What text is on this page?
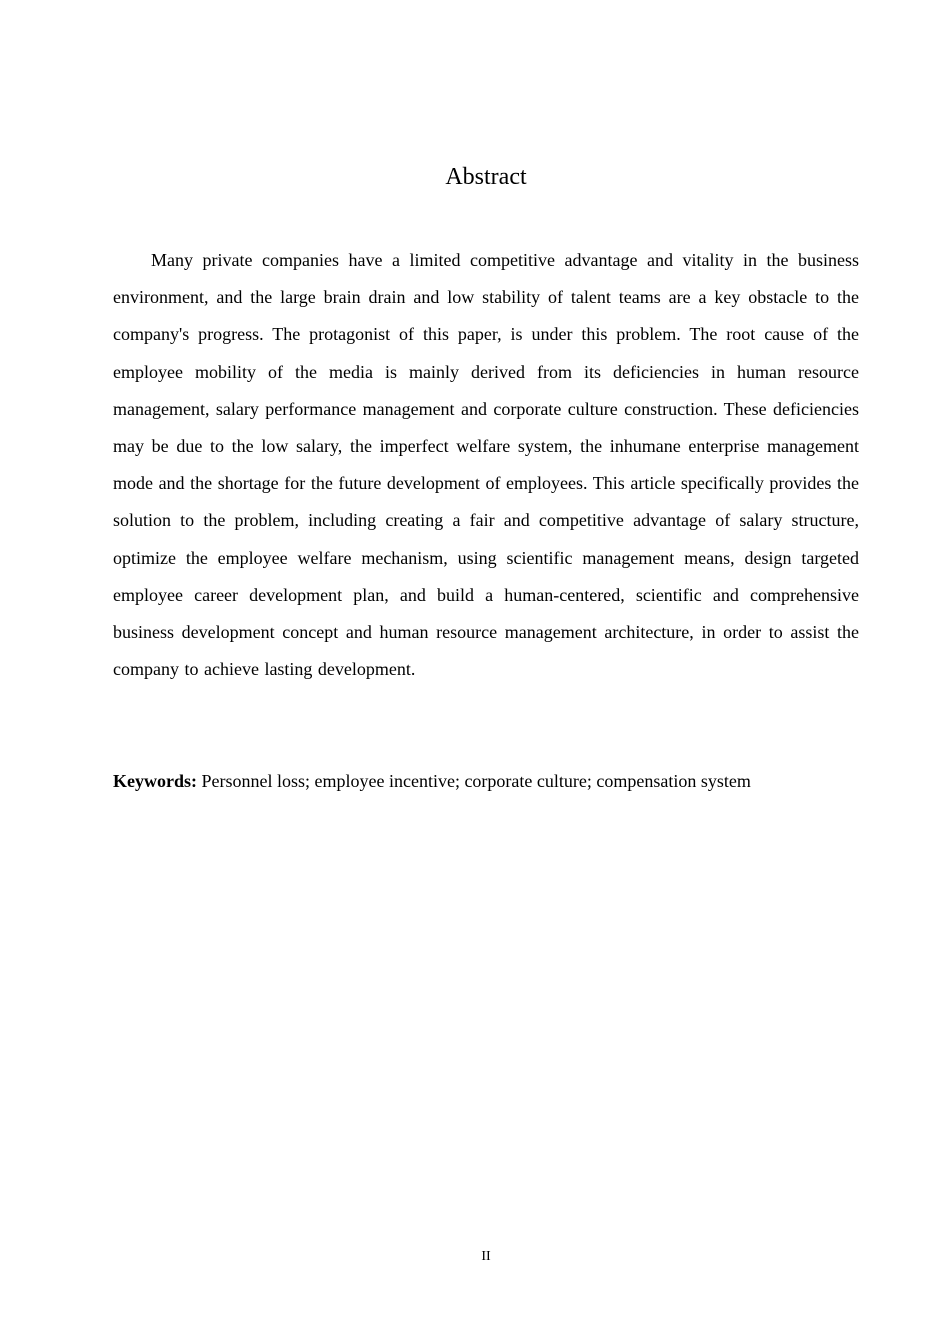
Abstract

Many private companies have a limited competitive advantage and vitality in the business environment, and the large brain drain and low stability of talent teams are a key obstacle to the company's progress. The protagonist of this paper, is under this problem. The root cause of the employee mobility of the media is mainly derived from its deficiencies in human resource management, salary performance management and corporate culture construction. These deficiencies may be due to the low salary, the imperfect welfare system, the inhumane enterprise management mode and the shortage for the future development of employees. This article specifically provides the solution to the problem, including creating a fair and competitive advantage of salary structure, optimize the employee welfare mechanism, using scientific management means, design targeted employee career development plan, and build a human-centered, scientific and comprehensive business development concept and human resource management architecture, in order to assist the company to achieve lasting development.

Keywords: Personnel loss; employee incentive; corporate culture; compensation system

II
